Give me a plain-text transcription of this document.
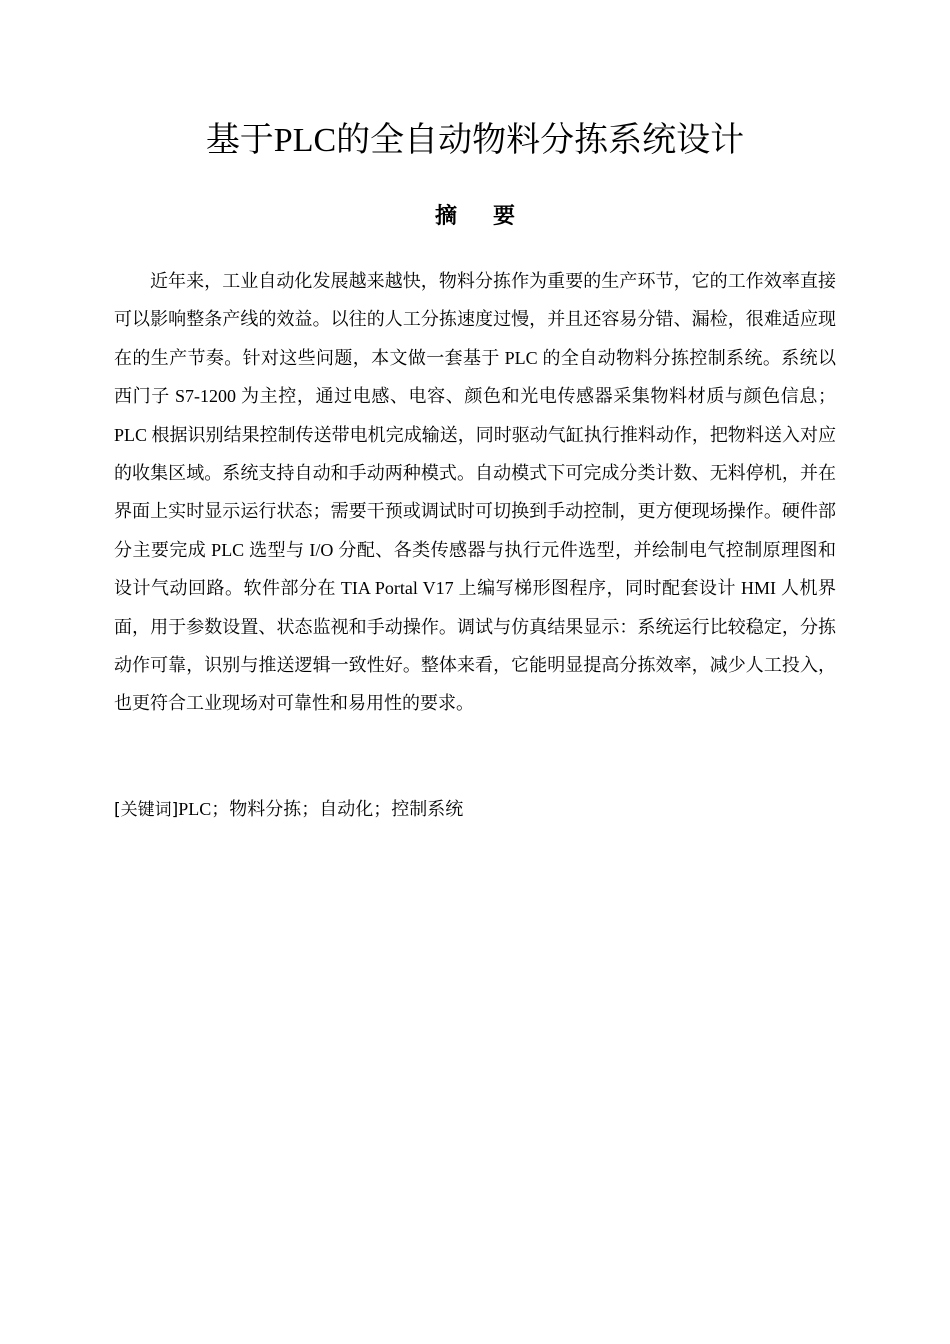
基于PLC的全自动物料分拣系统设计
摘要

近年来，工业自动化发展越来越快，物料分拣作为重要的生产环节，它的工作效率直接可以影响整条产线的效益。以往的人工分拣速度过慢，并且还容易分错、漏检，很难适应现在的生产节奏。针对这些问题，本文做一套基于 PLC 的全自动物料分拣控制系统。系统以西门子 S7-1200 为主控，通过电感、电容、颜色和光电传感器采集物料材质与颜色信息；PLC 根据识别结果控制传送带电机完成输送，同时驱动气缸执行推料动作，把物料送入对应的收集区域。系统支持自动和手动两种模式。自动模式下可完成分类计数、无料停机，并在界面上实时显示运行状态；需要干预或调试时可切换到手动控制，更方便现场操作。硬件部分主要完成 PLC 选型与 I/O 分配、各类传感器与执行元件选型，并绘制电气控制原理图和设计气动回路。软件部分在 TIA Portal V17 上编写梯形图程序，同时配套设计 HMI 人机界面，用于参数设置、状态监视和手动操作。调试与仿真结果显示：系统运行比较稳定，分拣动作可靠，识别与推送逻辑一致性好。整体来看，它能明显提高分拣效率，减少人工投入，也更符合工业现场对可靠性和易用性的要求。

[关键词]PLC；物料分拣；自动化；控制系统
